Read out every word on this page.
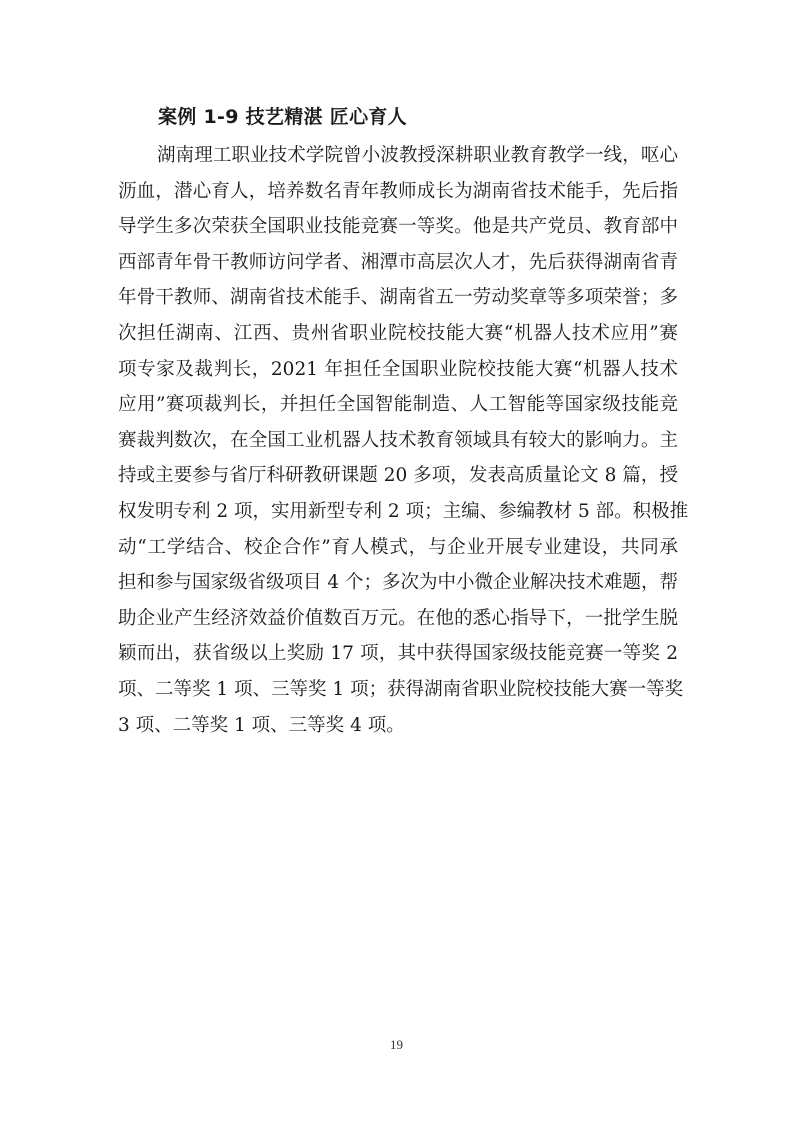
案例 1-9 技艺精湛 匠心育人
湖南理工职业技术学院曾小波教授深耕职业教育教学一线，呕心
沥血，潜心育人，培养数名青年教师成长为湖南省技术能手，先后指
导学生多次荣获全国职业技能竞赛一等奖。他是共产党员、教育部中
西部青年骨干教师访问学者、湘潭市高层次人才，先后获得湖南省青
年骨干教师、湖南省技术能手、湖南省五一劳动奖章等多项荣誉；多
次担任湖南、江西、贵州省职业院校技能大赛“机器人技术应用”赛
项专家及裁判长，2021 年担任全国职业院校技能大赛“机器人技术
应用”赛项裁判长，并担任全国智能制造、人工智能等国家级技能竞
赛裁判数次，在全国工业机器人技术教育领域具有较大的影响力。主
持或主要参与省厅科研教研课题 20 多项，发表高质量论文 8 篇，授
权发明专利 2 项，实用新型专利 2 项；主编、参编教材 5 部。积极推
动“工学结合、校企合作”育人模式，与企业开展专业建设，共同承
担和参与国家级省级项目 4 个；多次为中小微企业解决技术难题，帮
助企业产生经济效益价值数百万元。在他的悉心指导下，一批学生脱
颖而出，获省级以上奖励 17 项，其中获得国家级技能竞赛一等奖 2
项、二等奖 1 项、三等奖 1 项；获得湖南省职业院校技能大赛一等奖
3 项、二等奖 1 项、三等奖 4 项。
19
